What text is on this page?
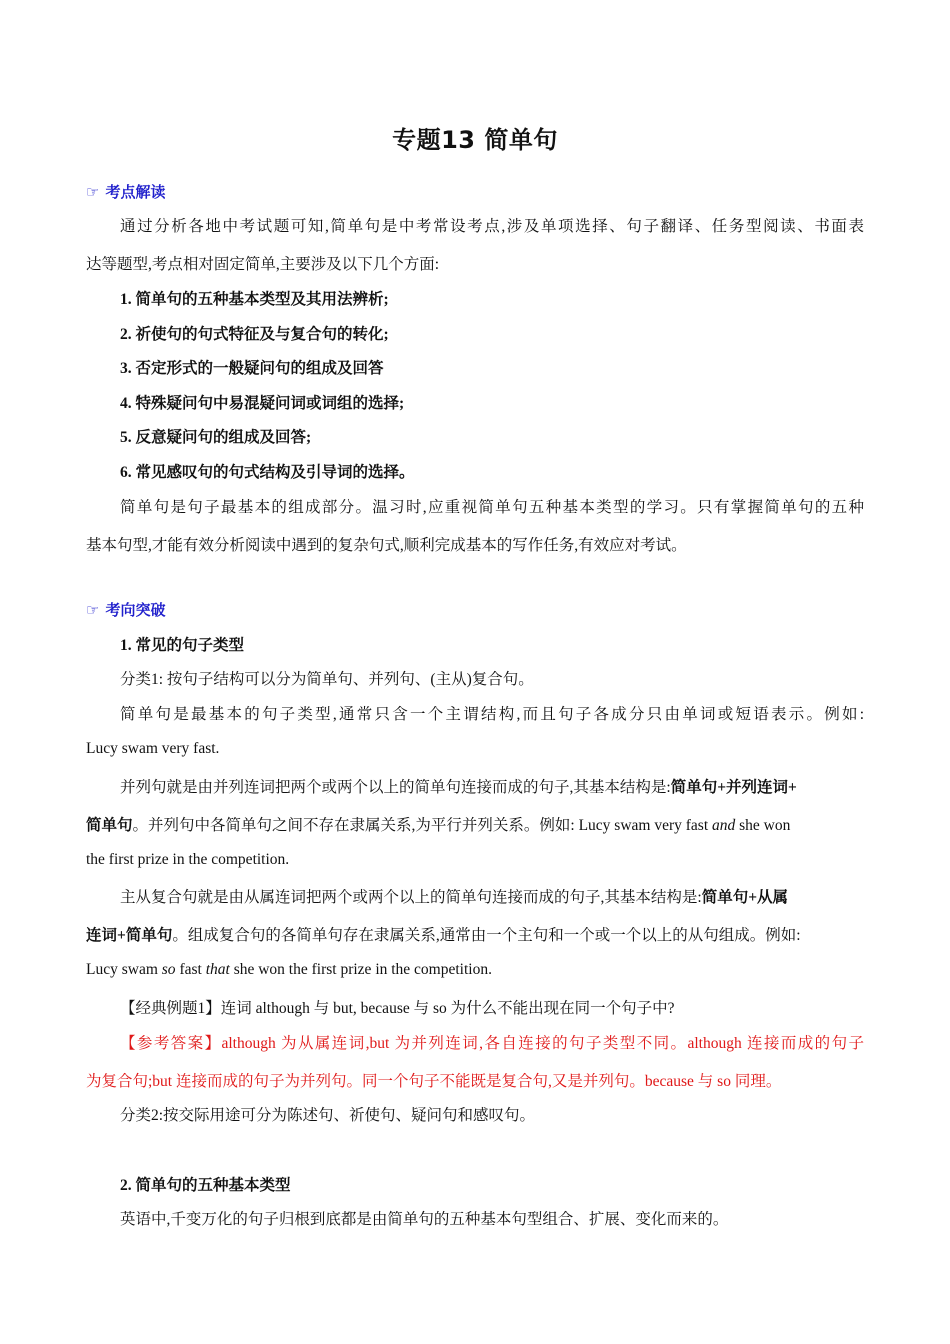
专题13 简单句
☞ 考点解读
通过分析各地中考试题可知,简单句是中考常设考点,涉及单项选择、句子翻译、任务型阅读、书面表
达等题型,考点相对固定简单,主要涉及以下几个方面:
1. 简单句的五种基本类型及其用法辨析;
2. 祈使句的句式特征及与复合句的转化;
3. 否定形式的一般疑问句的组成及回答
4. 特殊疑问句中易混疑问词或词组的选择;
5. 反意疑问句的组成及回答;
6. 常见感叹句的句式结构及引导词的选择。
简单句是句子最基本的组成部分。温习时,应重视简单句五种基本类型的学习。只有掌握简单句的五种
基本句型,才能有效分析阅读中遇到的复杂句式,顺利完成基本的写作任务,有效应对考试。
☞ 考向突破
1. 常见的句子类型
分类1: 按句子结构可以分为简单句、并列句、(主从)复合句。
简单句是最基本的句子类型,通常只含一个主谓结构,而且句子各成分只由单词或短语表示。例如:
Lucy swam very fast.
并列句就是由并列连词把两个或两个以上的简单句连接而成的句子,其基本结构是:简单句+并列连词+
简单句。并列句中各简单句之间不存在隶属关系,为平行并列关系。例如: Lucy swam very fast and she won
the first prize in the competition.
主从复合句就是由从属连词把两个或两个以上的简单句连接而成的句子,其基本结构是:简单句+从属
连词+简单句。组成复合句的各简单句存在隶属关系,通常由一个主句和一个或一个以上的从句组成。例如:
Lucy swam so fast that she won the first prize in the competition.
【经典例题1】连词 although 与 but, because 与 so 为什么不能出现在同一个句子中?
【参考答案】although 为从属连词,but 为并列连词,各自连接的句子类型不同。although 连接而成的句子
为复合句;but 连接而成的句子为并列句。同一个句子不能既是复合句,又是并列句。because 与 so 同理。
分类2:按交际用途可分为陈述句、祈使句、疑问句和感叹句。
2. 简单句的五种基本类型
英语中,千变万化的句子归根到底都是由简单句的五种基本句型组合、扩展、变化而来的。
